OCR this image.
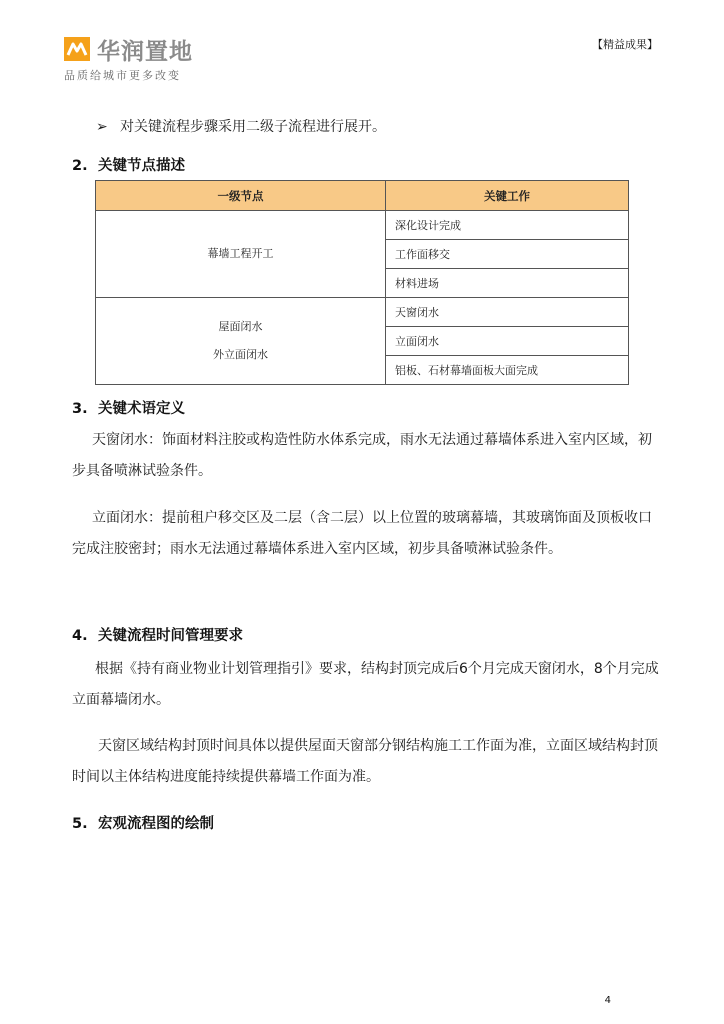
华润置地
品质给城市更多改变
【精益成果】
➢ 对关键流程步骤采用二级子流程进行展开。
2. 关键节点描述
一级节点	关键工作

幕墙工程开工	深化设计完成
	工作面移交
	材料进场

屋面闭水
外立面闭水	天窗闭水
	立面闭水
	铝板、石材幕墙面板大面完成
3. 关键术语定义
天窗闭水：饰面材料注胶或构造性防水体系完成，雨水无法通过幕墙体系进入室内区域，初步具备喷淋试验条件。
立面闭水：提前租户移交区及二层（含二层）以上位置的玻璃幕墙，其玻璃饰面及顶板收口完成注胶密封；雨水无法通过幕墙体系进入室内区域，初步具备喷淋试验条件。
4. 关键流程时间管理要求
根据《持有商业物业计划管理指引》要求，结构封顶完成后6个月完成天窗闭水，8个月完成立面幕墙闭水。
天窗区域结构封顶时间具体以提供屋面天窗部分钢结构施工工作面为准，立面区域结构封顶时间以主体结构进度能持续提供幕墙工作面为准。
5. 宏观流程图的绘制
4
